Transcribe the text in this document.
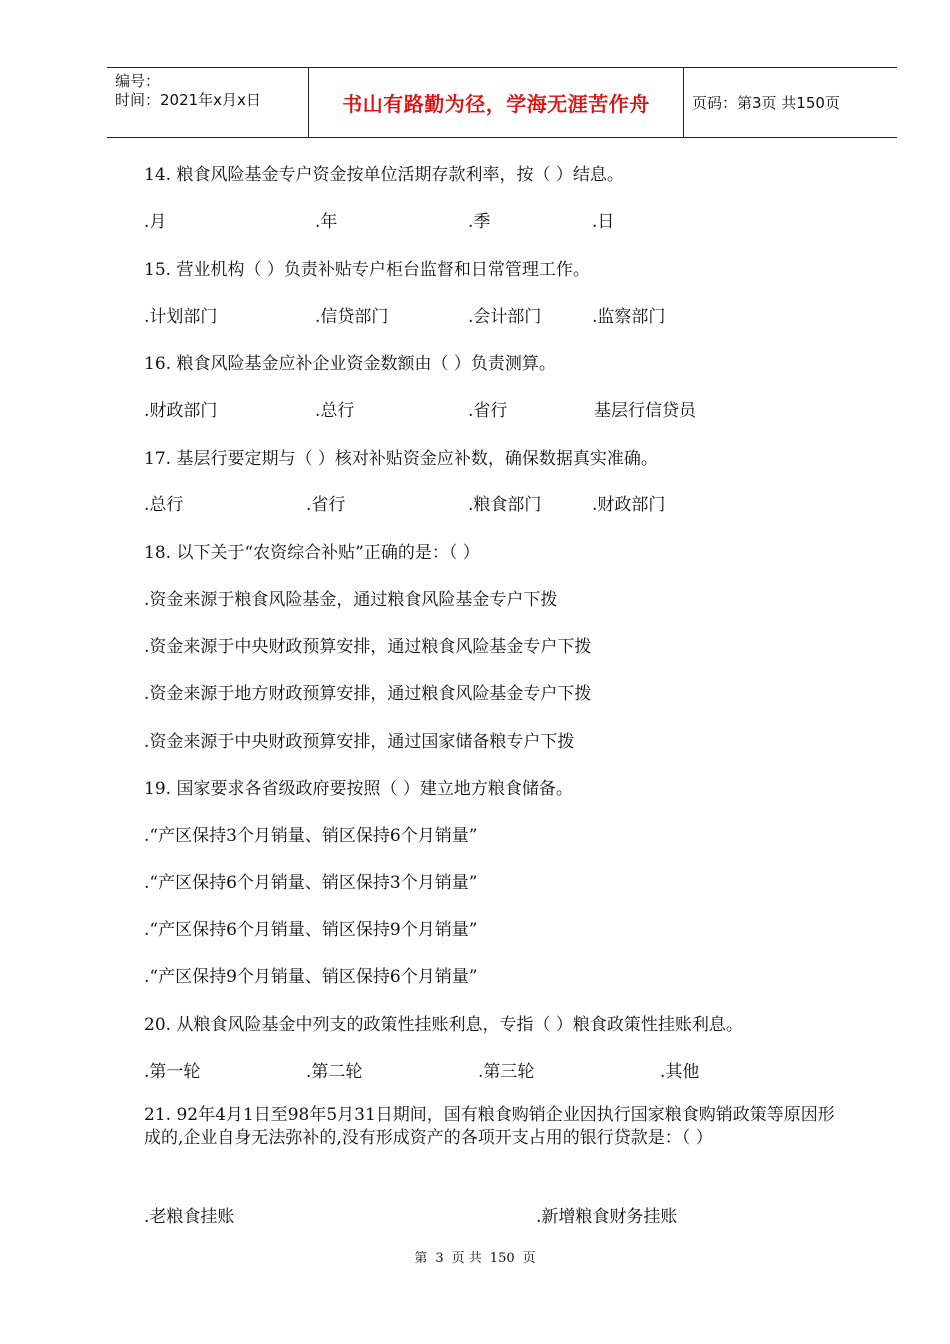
编号：
时间：2021年x月x日	书山有路勤为径，学海无涯苦作舟	页码：第3页 共150页
14. 粮食风险基金专户资金按单位活期存款利率，按（ ）结息。
.月	.年	.季	.日
15. 营业机构（ ）负责补贴专户柜台监督和日常管理工作。
.计划部门	.信贷部门	.会计部门	.监察部门
16. 粮食风险基金应补企业资金数额由（ ）负责测算。
.财政部门	.总行	.省行	基层行信贷员
17. 基层行要定期与（ ）核对补贴资金应补数，确保数据真实准确。
.总行	.省行	.粮食部门	.财政部门
18. 以下关于“农资综合补贴”正确的是：（ ）
.资金来源于粮食风险基金，通过粮食风险基金专户下拨
.资金来源于中央财政预算安排，通过粮食风险基金专户下拨
.资金来源于地方财政预算安排，通过粮食风险基金专户下拨
.资金来源于中央财政预算安排，通过国家储备粮专户下拨
19. 国家要求各省级政府要按照（ ）建立地方粮食储备。
.“产区保持3个月销量、销区保持6个月销量”
.“产区保持6个月销量、销区保持3个月销量”
.“产区保持6个月销量、销区保持9个月销量”
.“产区保持9个月销量、销区保持6个月销量”
20. 从粮食风险基金中列支的政策性挂账利息，专指（ ）粮食政策性挂账利息。
.第一轮	.第二轮	.第三轮	.其他
21. 92年4月1日至98年5月31日期间，国有粮食购销企业因执行国家粮食购销政策等原因形成的,企业自身无法弥补的,没有形成资产的各项开支占用的银行贷款是：（ ）
.老粮食挂账	.新增粮食财务挂账
第 3 页 共 150 页
